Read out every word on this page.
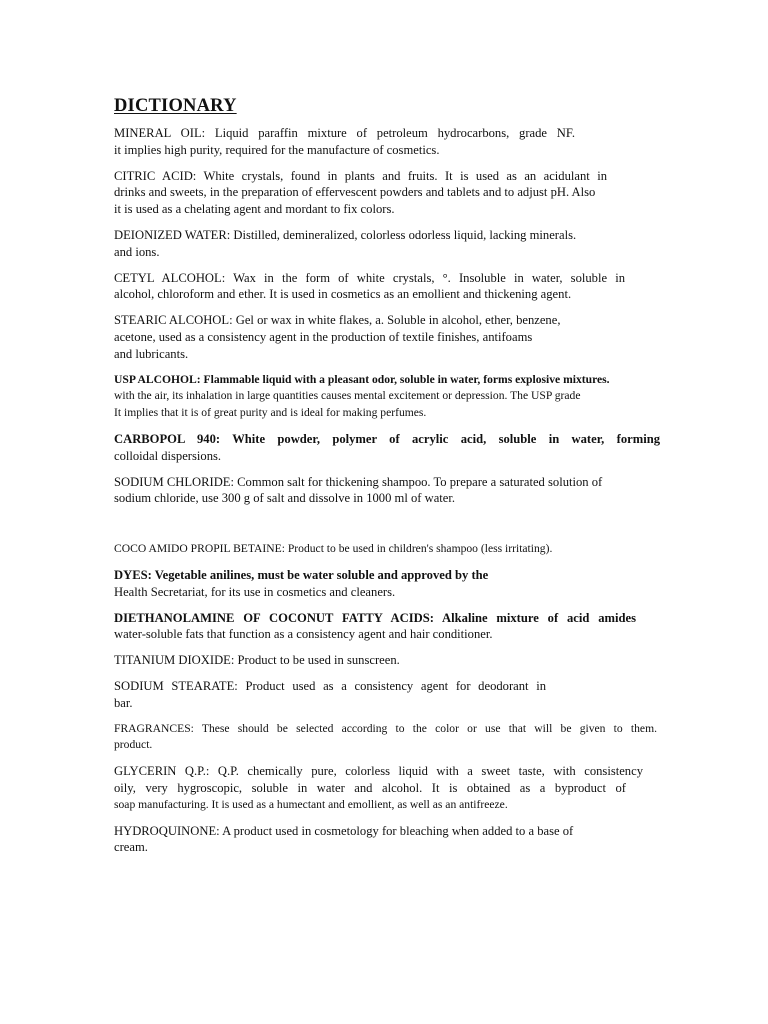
DICTIONARY

MINERAL OIL: Liquid paraffin mixture of petroleum hydrocarbons, grade NF.
it implies high purity, required for the manufacture of cosmetics.

CITRIC ACID: White crystals, found in plants and fruits. It is used as an acidulant in
drinks and sweets, in the preparation of effervescent powders and tablets and to adjust pH. Also
it is used as a chelating agent and mordant to fix colors.

DEIONIZED WATER: Distilled, demineralized, colorless odorless liquid, lacking minerals.
and ions.

CETYL ALCOHOL: Wax in the form of white crystals, °. Insoluble in water, soluble in
alcohol, chloroform and ether. It is used in cosmetics as an emollient and thickening agent.

STEARIC ALCOHOL: Gel or wax in white flakes, a. Soluble in alcohol, ether, benzene,
acetone, used as a consistency agent in the production of textile finishes, antifoams
and lubricants.

USP ALCOHOL: Flammable liquid with a pleasant odor, soluble in water, forms explosive mixtures.
with the air, its inhalation in large quantities causes mental excitement or depression. The USP grade
It implies that it is of great purity and is ideal for making perfumes.

CARBOPOL 940: White powder, polymer of acrylic acid, soluble in water, forming
colloidal dispersions.

SODIUM CHLORIDE: Common salt for thickening shampoo. To prepare a saturated solution of
sodium chloride, use 300 g of salt and dissolve in 1000 ml of water.

COCO AMIDO PROPIL BETAINE: Product to be used in children's shampoo (less irritating).

DYES: Vegetable anilines, must be water soluble and approved by the
Health Secretariat, for its use in cosmetics and cleaners.

DIETHANOLAMINE OF COCONUT FATTY ACIDS: Alkaline mixture of acid amides
water-soluble fats that function as a consistency agent and hair conditioner.

TITANIUM DIOXIDE: Product to be used in sunscreen.

SODIUM STEARATE: Product used as a consistency agent for deodorant in
bar.

FRAGRANCES: These should be selected according to the color or use that will be given to them.
product.

GLYCERIN Q.P.: Q.P. chemically pure, colorless liquid with a sweet taste, with consistency
oily, very hygroscopic, soluble in water and alcohol. It is obtained as a byproduct of
soap manufacturing. It is used as a humectant and emollient, as well as an antifreeze.

HYDROQUINONE: A product used in cosmetology for bleaching when added to a base of
cream.
